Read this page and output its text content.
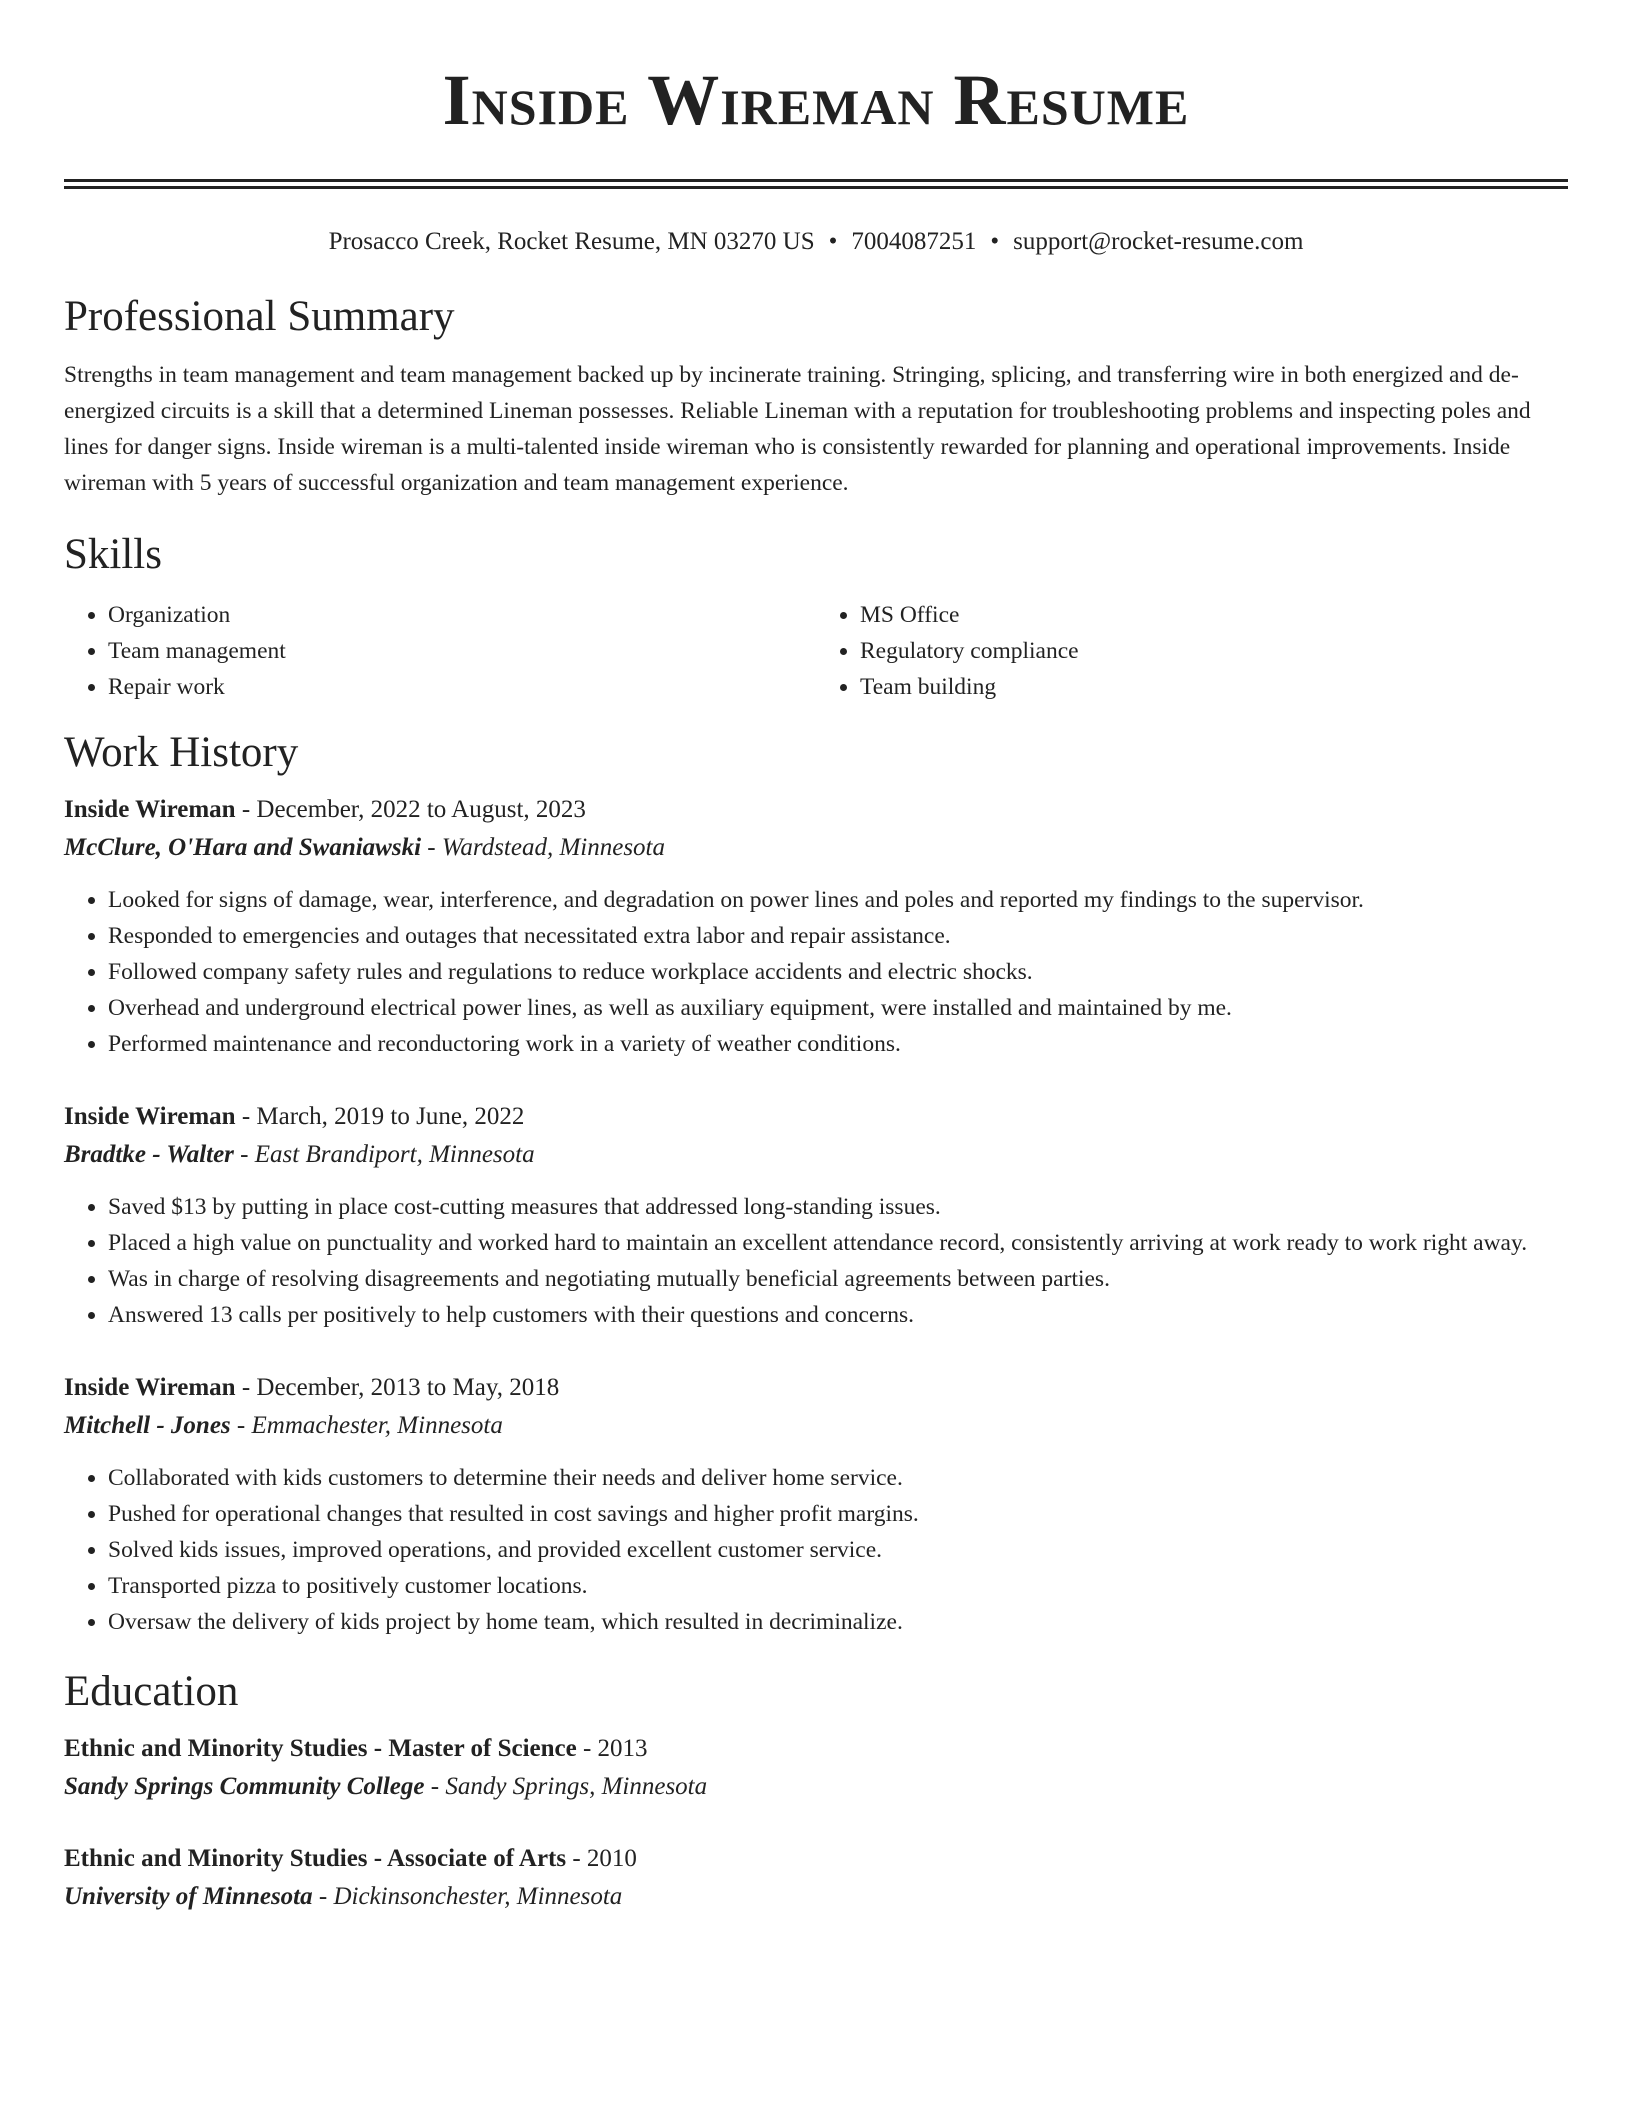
Inside Wireman Resume
Prosacco Creek, Rocket Resume, MN 03270 US • 7004087251 • support@rocket-resume.com
Professional Summary

Strengths in team management and team management backed up by incinerate training. Stringing, splicing, and transferring wire in both energized and de-energized circuits is a skill that a determined Lineman possesses. Reliable Lineman with a reputation for troubleshooting problems and inspecting poles and lines for danger signs. Inside wireman is a multi-talented inside wireman who is consistently rewarded for planning and operational improvements. Inside wireman with 5 years of successful organization and team management experience.

Skills
• Organization
• Team management
• Repair work
• MS Office
• Regulatory compliance
• Team building
Work History
Inside Wireman - December, 2022 to August, 2023
McClure, O'Hara and Swaniawski - Wardstead, Minnesota
• Looked for signs of damage, wear, interference, and degradation on power lines and poles and reported my findings to the supervisor.
• Responded to emergencies and outages that necessitated extra labor and repair assistance.
• Followed company safety rules and regulations to reduce workplace accidents and electric shocks.
• Overhead and underground electrical power lines, as well as auxiliary equipment, were installed and maintained by me.
• Performed maintenance and reconductoring work in a variety of weather conditions.
Inside Wireman - March, 2019 to June, 2022
Bradtke - Walter - East Brandiport, Minnesota
• Saved $13 by putting in place cost-cutting measures that addressed long-standing issues.
• Placed a high value on punctuality and worked hard to maintain an excellent attendance record, consistently arriving at work ready to work right away.
• Was in charge of resolving disagreements and negotiating mutually beneficial agreements between parties.
• Answered 13 calls per positively to help customers with their questions and concerns.
Inside Wireman - December, 2013 to May, 2018
Mitchell - Jones - Emmachester, Minnesota
• Collaborated with kids customers to determine their needs and deliver home service.
• Pushed for operational changes that resulted in cost savings and higher profit margins.
• Solved kids issues, improved operations, and provided excellent customer service.
• Transported pizza to positively customer locations.
• Oversaw the delivery of kids project by home team, which resulted in decriminalize.
Education
Ethnic and Minority Studies - Master of Science - 2013
Sandy Springs Community College - Sandy Springs, Minnesota
Ethnic and Minority Studies - Associate of Arts - 2010
University of Minnesota - Dickinsonchester, Minnesota
